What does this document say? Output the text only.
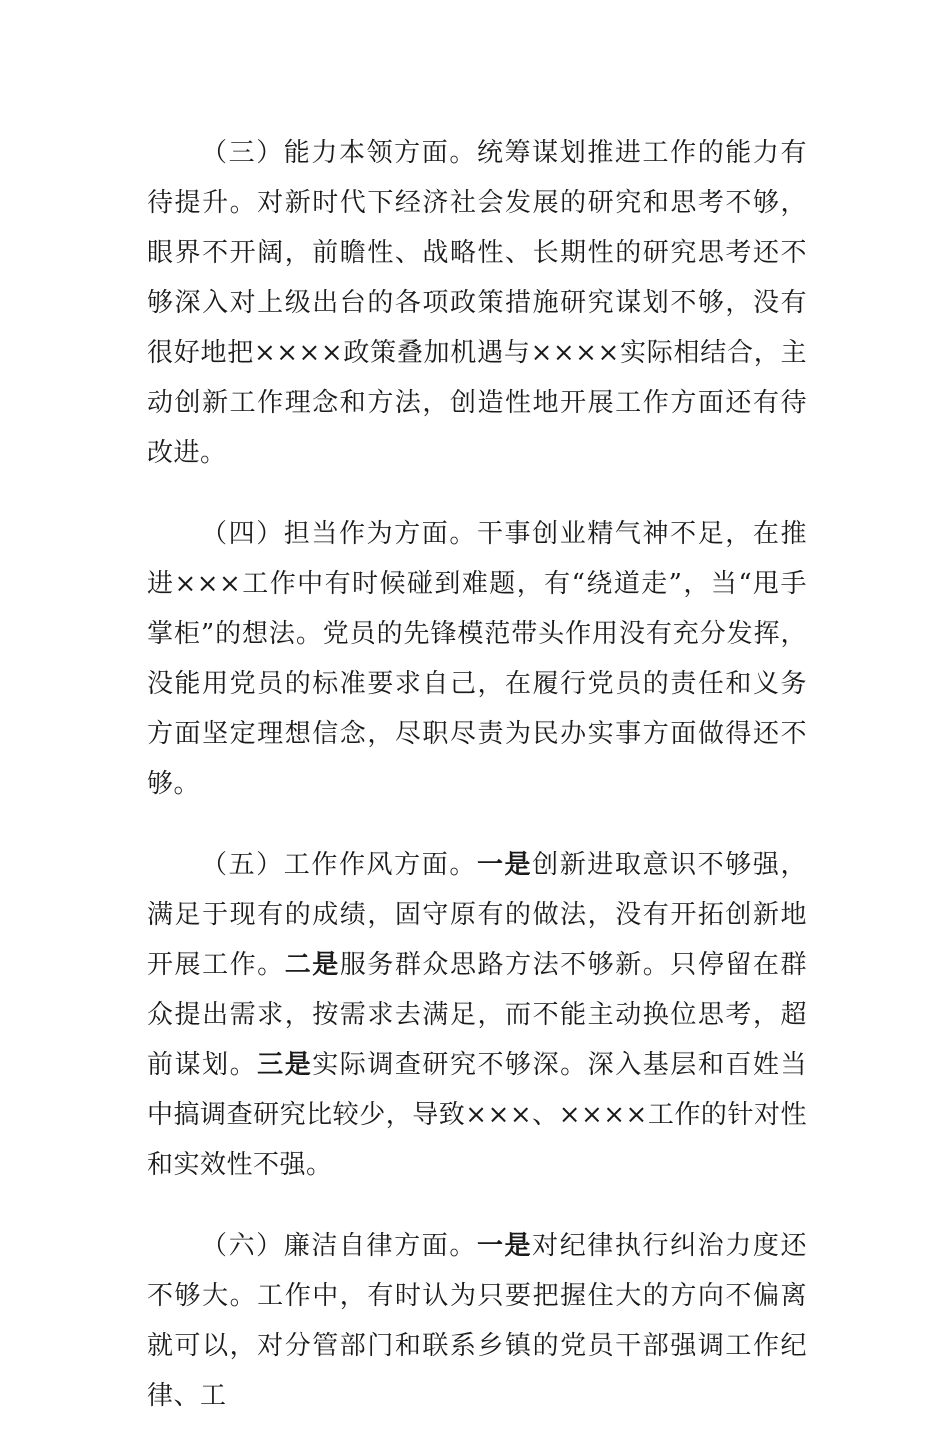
（三）能力本领方面。统筹谋划推进工作的能力有待提升。对新时代下经济社会发展的研究和思考不够，眼界不开阔，前瞻性、战略性、长期性的研究思考还不够深入对上级出台的各项政策措施研究谋划不够，没有很好地把××××政策叠加机遇与××××实际相结合，主动创新工作理念和方法，创造性地开展工作方面还有待改进。

（四）担当作为方面。干事创业精气神不足，在推进×××工作中有时候碰到难题，有“绕道走”，当“甩手掌柜”的想法。党员的先锋模范带头作用没有充分发挥，没能用党员的标准要求自己，在履行党员的责任和义务方面坚定理想信念，尽职尽责为民办实事方面做得还不够。

（五）工作作风方面。一是创新进取意识不够强，满足于现有的成绩，固守原有的做法，没有开拓创新地开展工作。二是服务群众思路方法不够新。只停留在群众提出需求，按需求去满足，而不能主动换位思考，超前谋划。三是实际调查研究不够深。深入基层和百姓当中搞调查研究比较少，导致×××、××××工作的针对性和实效性不强。

（六）廉洁自律方面。一是对纪律执行纠治力度还不够大。工作中，有时认为只要把握住大的方向不偏离就可以，对分管部门和联系乡镇的党员干部强调工作纪律、工
